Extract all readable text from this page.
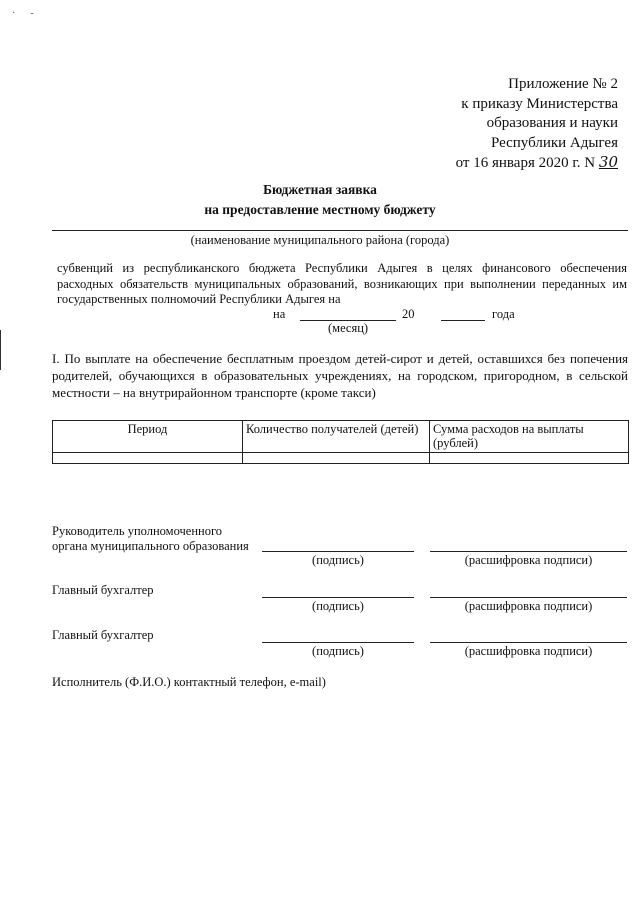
·      -
Приложение № 2
к приказу Министерства
образования и науки
Республики Адыгея
от 16 января 2020 г. N 30
Бюджетная заявка
на предоставление местному бюджету
(наименование муниципального района (города)
субвенций из республиканского бюджета Республики Адыгея в целях финансового обеспечения расходных обязательств муниципальных образований, возникающих при выполнении переданных им государственных полномочий Республики Адыгея на
на	20	года
(месяц)
I. По выплате на обеспечение бесплатным проездом детей-сирот и детей, оставшихся без попечения родителей, обучающихся в образовательных учреждениях, на городском, пригородном, в сельской местности – на внутрирайонном транспорте (кроме такси)
Период	Количество получателей (детей)	Сумма расходов на выплаты (рублей)

Руководитель уполномоченного
органа муниципального образования
(подпись)	(расшифровка подписи)
Главный бухгалтер
(подпись)	(расшифровка подписи)
Главный бухгалтер
(подпись)	(расшифровка подписи)
Исполнитель (Ф.И.О.) контактный телефон, e-mail)
